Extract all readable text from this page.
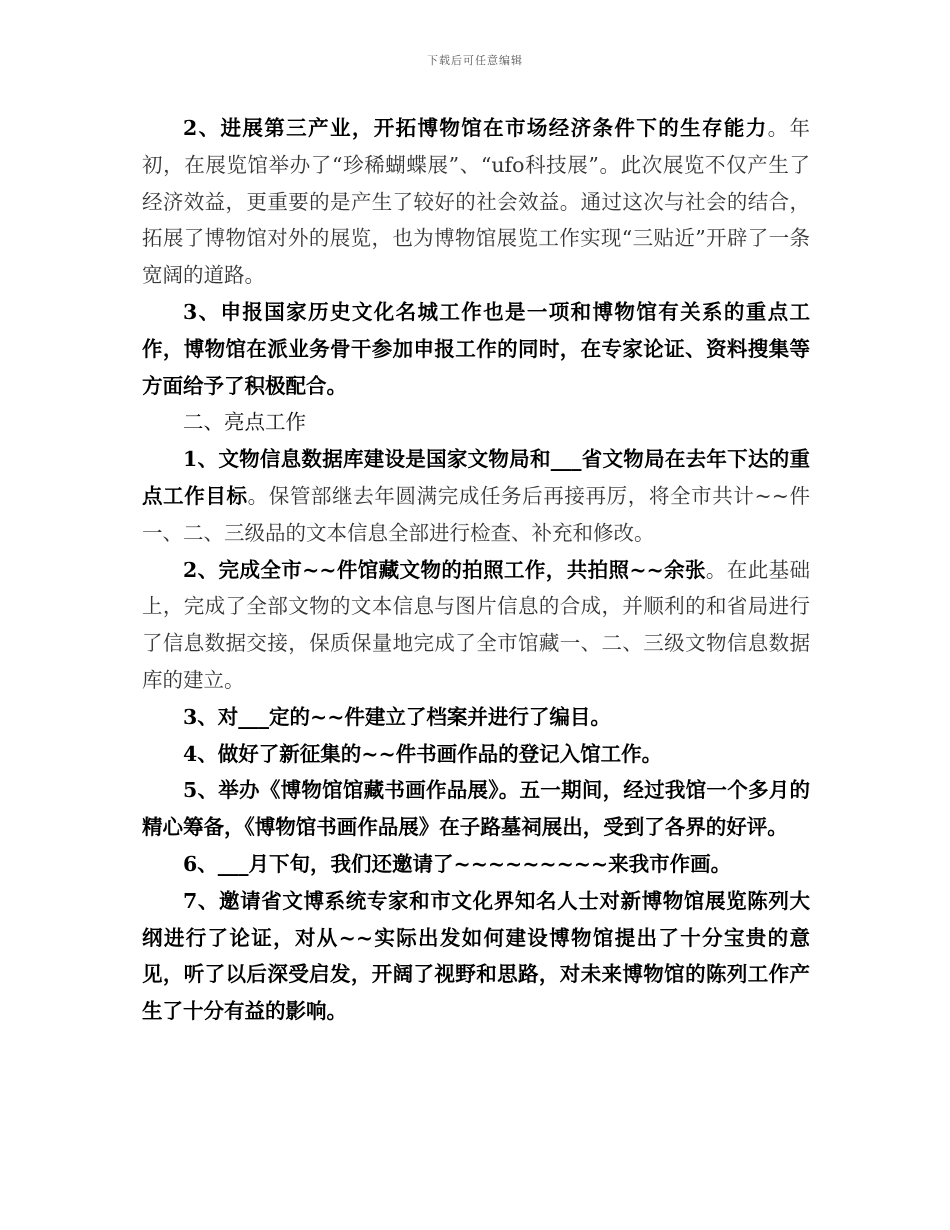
下载后可任意编辑

2、进展第三产业，开拓博物馆在市场经济条件下的生存能力。年初，在展览馆举办了“珍稀蝴蝶展”、“ufo科技展”。此次展览不仅产生了经济效益，更重要的是产生了较好的社会效益。通过这次与社会的结合，拓展了博物馆对外的展览，也为博物馆展览工作实现“三贴近”开辟了一条宽阔的道路。

3、申报国家历史文化名城工作也是一项和博物馆有关系的重点工作，博物馆在派业务骨干参加申报工作的同时，在专家论证、资料搜集等方面给予了积极配合。

二、亮点工作

1、文物信息数据库建设是国家文物局和___省文物局在去年下达的重点工作目标。保管部继去年圆满完成任务后再接再厉，将全市共计~~件一、二、三级品的文本信息全部进行检查、补充和修改。

2、完成全市~~件馆藏文物的拍照工作，共拍照~~余张。在此基础上，完成了全部文物的文本信息与图片信息的合成，并顺利的和省局进行了信息数据交接，保质保量地完成了全市馆藏一、二、三级文物信息数据库的建立。

3、对___定的~~件建立了档案并进行了编目。

4、做好了新征集的~~件书画作品的登记入馆工作。

5、举办《博物馆馆藏书画作品展》。五一期间，经过我馆一个多月的精心筹备，《博物馆书画作品展》在子路墓祠展出，受到了各界的好评。

6、___月下旬，我们还邀请了~~~~~~~~~来我市作画。

7、邀请省文博系统专家和市文化界知名人士对新博物馆展览陈列大纲进行了论证，对从~~实际出发如何建设博物馆提出了十分宝贵的意见，听了以后深受启发，开阔了视野和思路，对未来博物馆的陈列工作产生了十分有益的影响。
